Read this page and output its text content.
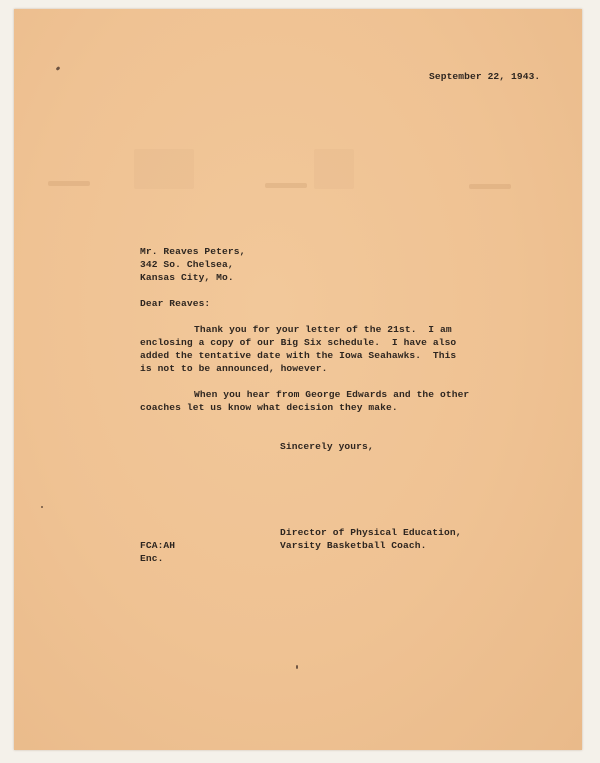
September 22, 1943.
Mr. Reaves Peters,
342 So. Chelsea,
Kansas City, Mo.
Dear Reaves:
Thank you for your letter of the 21st.  I am
enclosing a copy of our Big Six schedule.  I have also
added the tentative date with the Iowa Seahawks.  This
is not to be announced, however.
When you hear from George Edwards and the other
coaches let us know what decision they make.
Sincerely yours,
Director of Physical Education,
Varsity Basketball Coach.
FCA:AH
Enc.
